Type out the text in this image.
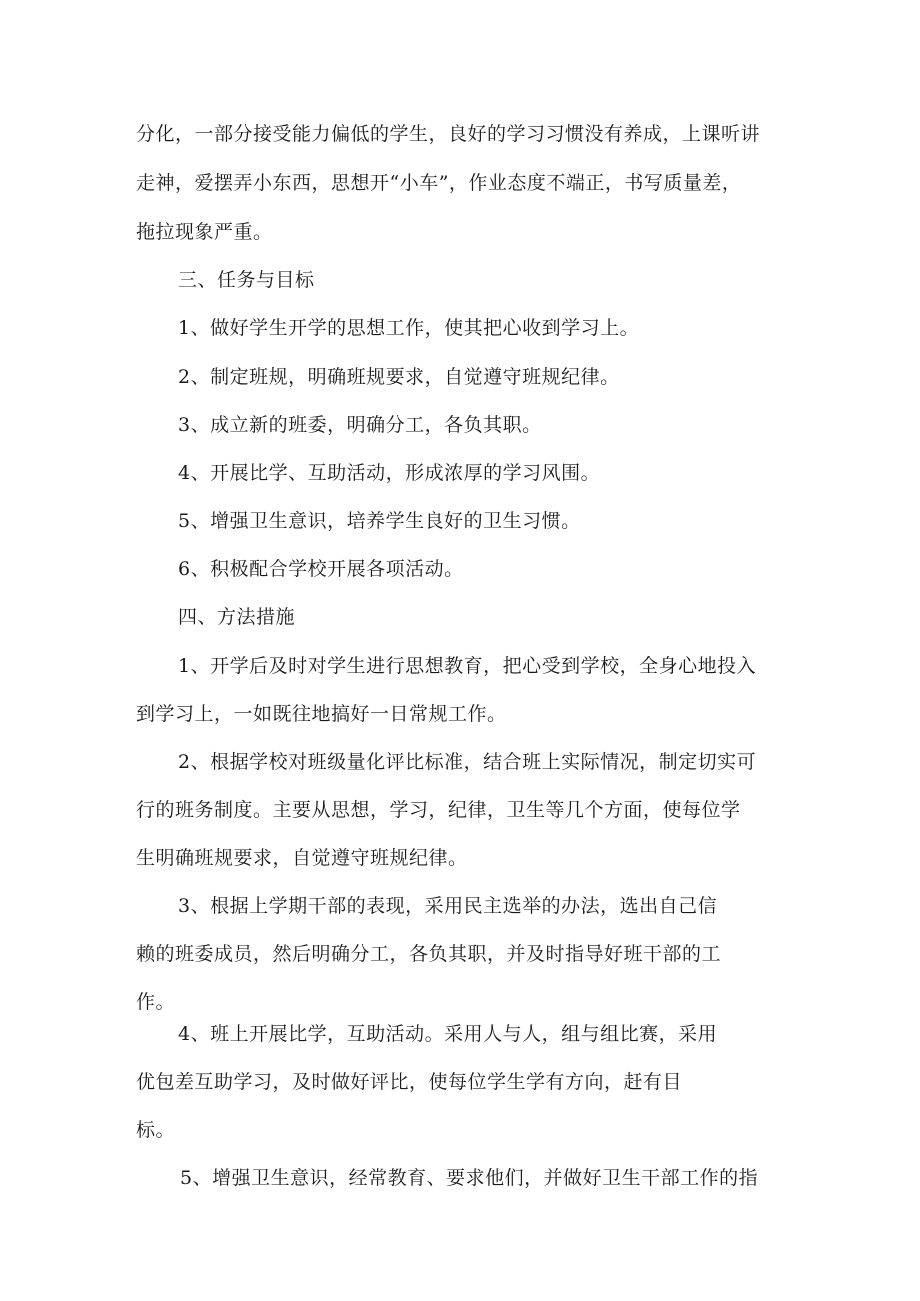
分化，一部分接受能力偏低的学生，良好的学习习惯没有养成，上课听讲
走神，爱摆弄小东西，思想开“小车”，作业态度不端正，书写质量差，
拖拉现象严重。
三、任务与目标
1、做好学生开学的思想工作，使其把心收到学习上。
2、制定班规，明确班规要求，自觉遵守班规纪律。
3、成立新的班委，明确分工，各负其职。
4、开展比学、互助活动，形成浓厚的学习风围。
5、增强卫生意识，培养学生良好的卫生习惯。
6、积极配合学校开展各项活动。
四、方法措施
1、开学后及时对学生进行思想教育，把心受到学校，全身心地投入
到学习上，一如既往地搞好一日常规工作。
2、根据学校对班级量化评比标准，结合班上实际情况，制定切实可
行的班务制度。主要从思想，学习，纪律，卫生等几个方面，使每位学
生明确班规要求，自觉遵守班规纪律。
3、根据上学期干部的表现，采用民主选举的办法，选出自己信
赖的班委成员，然后明确分工，各负其职，并及时指导好班干部的工
作。
4、班上开展比学，互助活动。采用人与人，组与组比赛，采用
优包差互助学习，及时做好评比，使每位学生学有方向，赶有目
标。
5、增强卫生意识，经常教育、要求他们，并做好卫生干部工作的指
